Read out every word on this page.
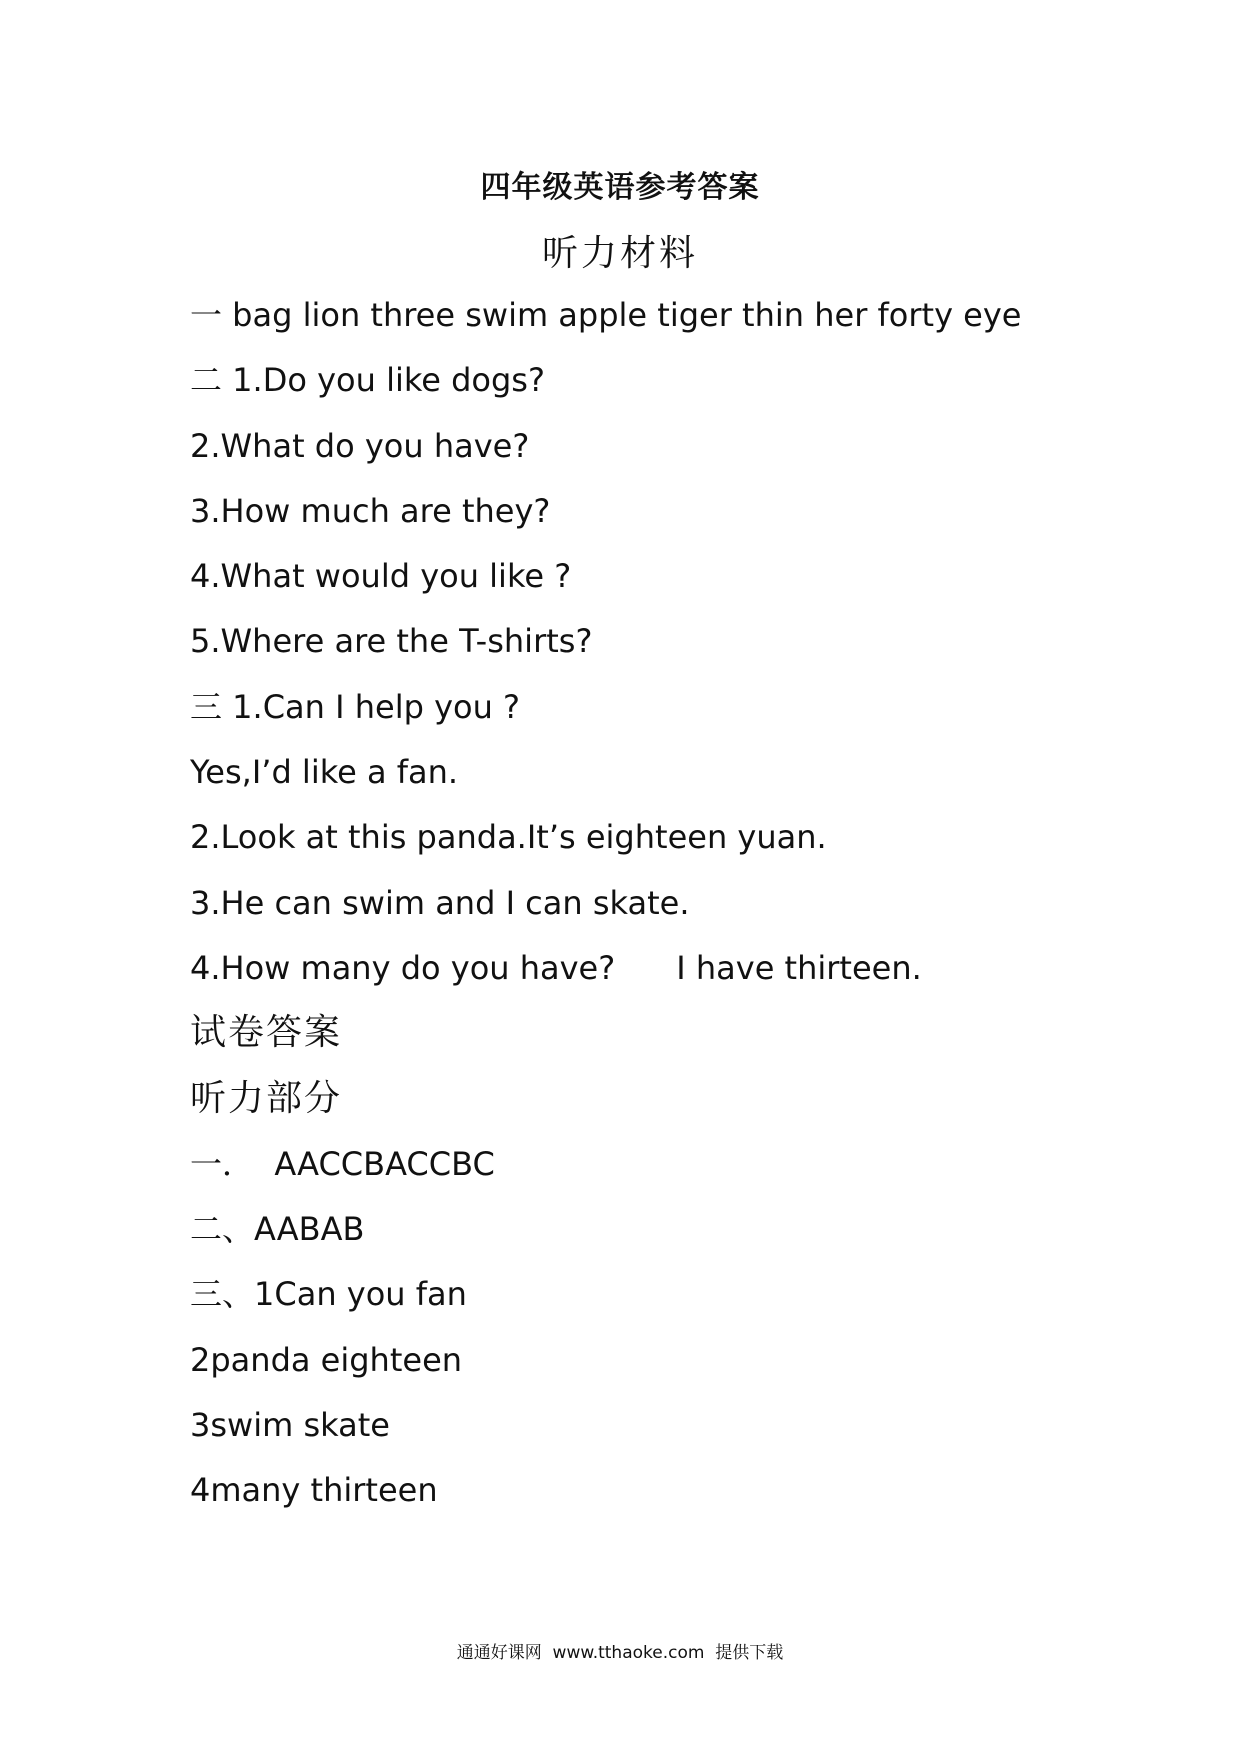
四年级英语参考答案
听力材料
一 bag lion three swim apple tiger thin her forty eye
二 1.Do you like dogs?
2.What do you have?
3.How much are they?
4.What would you like ?
5.Where are the T-shirts?
三 1.Can I help you ?
Yes,I’d like a fan.
2.Look at this panda.It’s eighteen yuan.
3.He can swim and I can skate.
4.How many do you have?      I have thirteen.
试卷答案
听力部分
一．  AACCBACCBC
二、AABAB
三、1Can you fan
2panda eighteen
3swim skate
4many thirteen
通通好课网  www.tthaoke.com  提供下载
